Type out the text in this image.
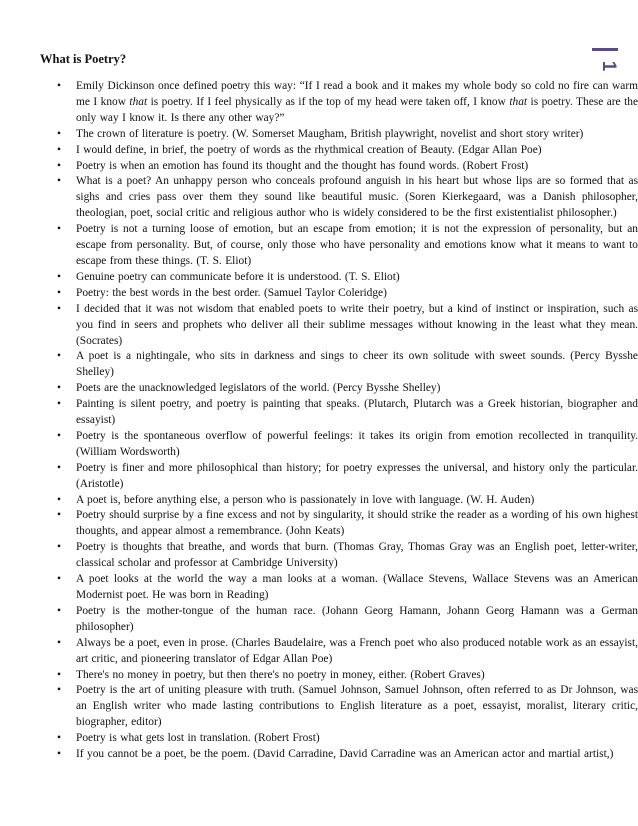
1
What is Poetry?
• Emily Dickinson once defined poetry this way: “If I read a book and it makes my whole body so cold no fire can warm me I know that is poetry. If I feel physically as if the top of my head were taken off, I know that is poetry. These are the only way I know it. Is there any other way?”
• The crown of literature is poetry. (W. Somerset Maugham, British playwright, novelist and short story writer)
• I would define, in brief, the poetry of words as the rhythmical creation of Beauty. (Edgar Allan Poe)
• Poetry is when an emotion has found its thought and the thought has found words. (Robert Frost)
• What is a poet? An unhappy person who conceals profound anguish in his heart but whose lips are so formed that as sighs and cries pass over them they sound like beautiful music. (Soren Kierkegaard, was a Danish philosopher, theologian, poet, social critic and religious author who is widely considered to be the first existentialist philosopher.)
• Poetry is not a turning loose of emotion, but an escape from emotion; it is not the expression of personality, but an escape from personality. But, of course, only those who have personality and emotions know what it means to want to escape from these things. (T. S. Eliot)
• Genuine poetry can communicate before it is understood. (T. S. Eliot)
• Poetry: the best words in the best order. (Samuel Taylor Coleridge)
• I decided that it was not wisdom that enabled poets to write their poetry, but a kind of instinct or inspiration, such as you find in seers and prophets who deliver all their sublime messages without knowing in the least what they mean. (Socrates)
• A poet is a nightingale, who sits in darkness and sings to cheer its own solitude with sweet sounds. (Percy Bysshe Shelley)
• Poets are the unacknowledged legislators of the world. (Percy Bysshe Shelley)
• Painting is silent poetry, and poetry is painting that speaks. (Plutarch, Plutarch was a Greek historian, biographer and essayist)
• Poetry is the spontaneous overflow of powerful feelings: it takes its origin from emotion recollected in tranquility. (William Wordsworth)
• Poetry is finer and more philosophical than history; for poetry expresses the universal, and history only the particular. (Aristotle)
• A poet is, before anything else, a person who is passionately in love with language. (W. H. Auden)
• Poetry should surprise by a fine excess and not by singularity, it should strike the reader as a wording of his own highest thoughts, and appear almost a remembrance. (John Keats)
• Poetry is thoughts that breathe, and words that burn. (Thomas Gray, Thomas Gray was an English poet, letter-writer, classical scholar and professor at Cambridge University)
• A poet looks at the world the way a man looks at a woman. (Wallace Stevens, Wallace Stevens was an American Modernist poet. He was born in Reading)
• Poetry is the mother-tongue of the human race. (Johann Georg Hamann, Johann Georg Hamann was a German philosopher)
• Always be a poet, even in prose. (Charles Baudelaire, was a French poet who also produced notable work as an essayist, art critic, and pioneering translator of Edgar Allan Poe)
• There's no money in poetry, but then there's no poetry in money, either. (Robert Graves)
• Poetry is the art of uniting pleasure with truth. (Samuel Johnson, Samuel Johnson, often referred to as Dr Johnson, was an English writer who made lasting contributions to English literature as a poet, essayist, moralist, literary critic, biographer, editor)
• Poetry is what gets lost in translation. (Robert Frost)
• If you cannot be a poet, be the poem. (David Carradine, David Carradine was an American actor and martial artist,)
